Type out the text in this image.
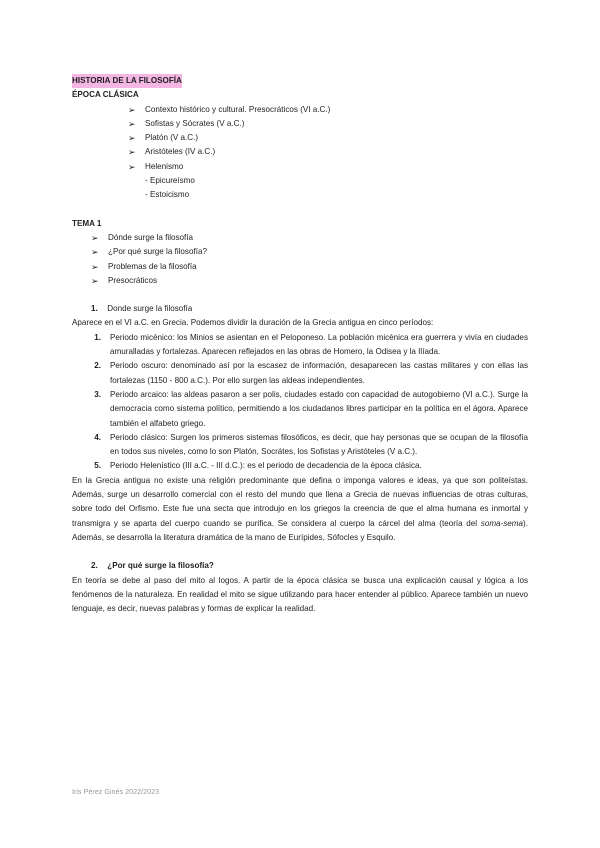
HISTORIA DE LA FILOSOFÍA
ÉPOCA CLÁSICA
➢	Contexto histórico y cultural. Presocráticos (VI a.C.)
➢	Sofistas y Sócrates (V a.C.)
➢	Platón (V a.C.)
➢	Aristóteles (IV a.C.)
➢	Helenismo
- Epicureísmo
- Estoicismo
TEMA 1
➢	Dónde surge la filosofía
➢	¿Por qué surge la filosofía?
➢	Problemas de la filosofía
➢	Presocráticos
1. Donde surge la filosofía

Aparece en el VI a.C. en Grecia. Podemos dividir la duración de la Grecia antigua en cinco períodos:

1.	Periodo micénico: los Minios se asientan en el Peloponeso. La población micénica era guerrera y vivía en ciudades amuralladas y fortalezas. Aparecen reflejados en las obras de Homero, la Odisea y la Ilíada.
2.	Periodo oscuro: denominado así por la escasez de información, desaparecen las castas militares y con ellas las fortalezas (1150 - 800 a.C.). Por ello surgen las aldeas independientes.
3.	Periodo arcaico: las aldeas pasaron a ser polis, ciudades estado con capacidad de autogobierno (VI a.C.). Surge la democracia como sistema político, permitiendo a los ciudadanos libres participar en la política en el ágora. Aparece también el alfabeto griego.
4.	Periodo clásico: Surgen los primeros sistemas filosóficos, es decir, que hay personas que se ocupan de la filosofía en todos sus niveles, como lo son Platón, Socrátes, los Sofistas y Aristóteles (V a.C.).
5.	Periodo Helenístico (III a.C. - III d.C.): es el periodo de decadencia de la época clásica.

En la Grecia antigua no existe una religión predominante que defina o imponga valores e ideas, ya que son politeístas. Además, surge un desarrollo comercial con el resto del mundo que llena a Grecia de nuevas influencias de otras culturas, sobre todo del Orfismo. Este fue una secta que introdujo en los griegos la creencia de que el alma humana es inmortal y transmigra y se aparta del cuerpo cuando se purifica. Se considera al cuerpo la cárcel del alma (teoría del soma-sema). Además, se desarrolla la literatura dramática de la mano de Eurípides, Sófocles y Esquilo.

2. ¿Por qué surge la filosofía?

En teoría se debe al paso del mito al logos. A partir de la época clásica se busca una explicación causal y lógica a los fenómenos de la naturaleza. En realidad el mito se sigue utilizando para hacer entender al público. Aparece también un nuevo lenguaje, es decir, nuevas palabras y formas de explicar la realidad.

Iris Pérez Ginés 2022/2023
